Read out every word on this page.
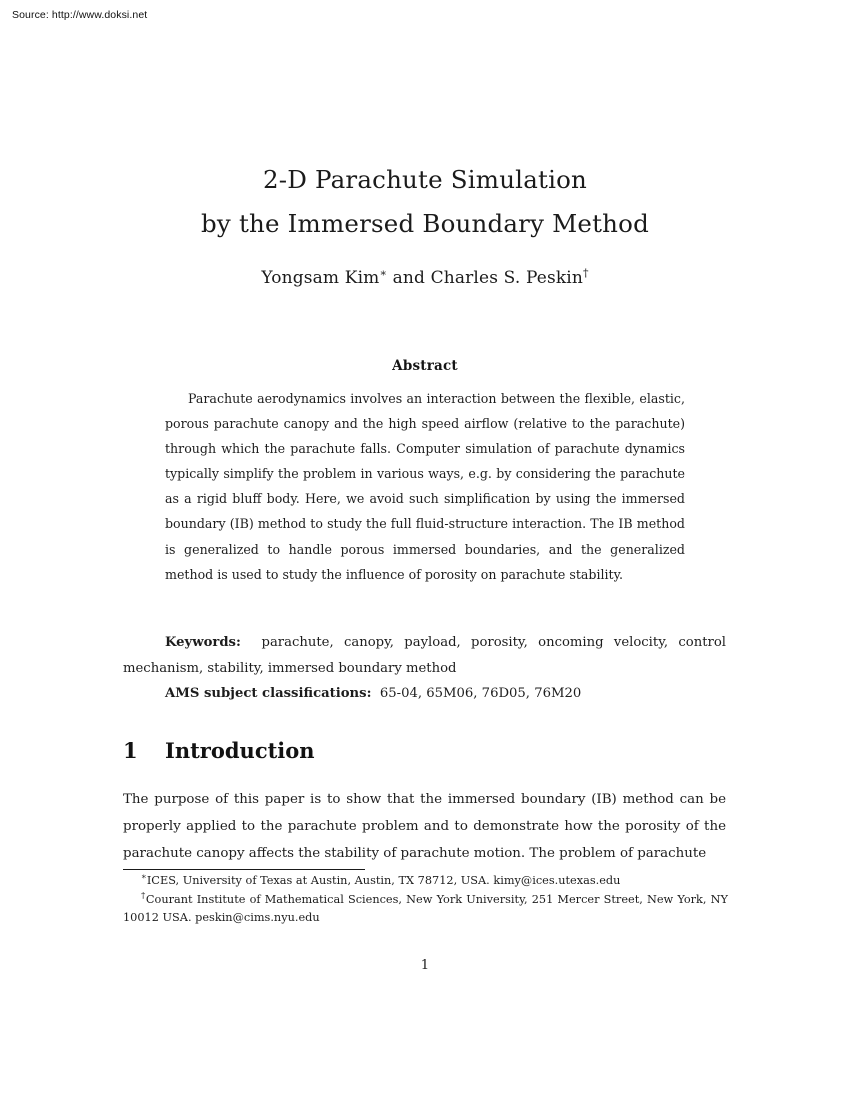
Source: http://www.doksi.net
2-D Parachute Simulation
by the Immersed Boundary Method
Yongsam Kim∗ and Charles S. Peskin†
Abstract
Parachute aerodynamics involves an interaction between the flexible, elastic, porous parachute canopy and the high speed airflow (relative to the parachute) through which the parachute falls. Computer simulation of parachute dynamics typically simplify the problem in various ways, e.g. by considering the parachute as a rigid bluff body. Here, we avoid such simplification by using the immersed boundary (IB) method to study the full fluid-structure interaction. The IB method is generalized to handle porous immersed boundaries, and the generalized method is used to study the influence of porosity on parachute stability.
Keywords: parachute, canopy, payload, porosity, oncoming velocity, control mechanism, stability, immersed boundary method
AMS subject classifications: 65-04, 65M06, 76D05, 76M20
1 Introduction
The purpose of this paper is to show that the immersed boundary (IB) method can be properly applied to the parachute problem and to demonstrate how the porosity of the parachute canopy affects the stability of parachute motion. The problem of parachute

∗ICES, University of Texas at Austin, Austin, TX 78712, USA. kimy@ices.utexas.edu

†Courant Institute of Mathematical Sciences, New York University, 251 Mercer Street, New York, NY 10012 USA. peskin@cims.nyu.edu

1
